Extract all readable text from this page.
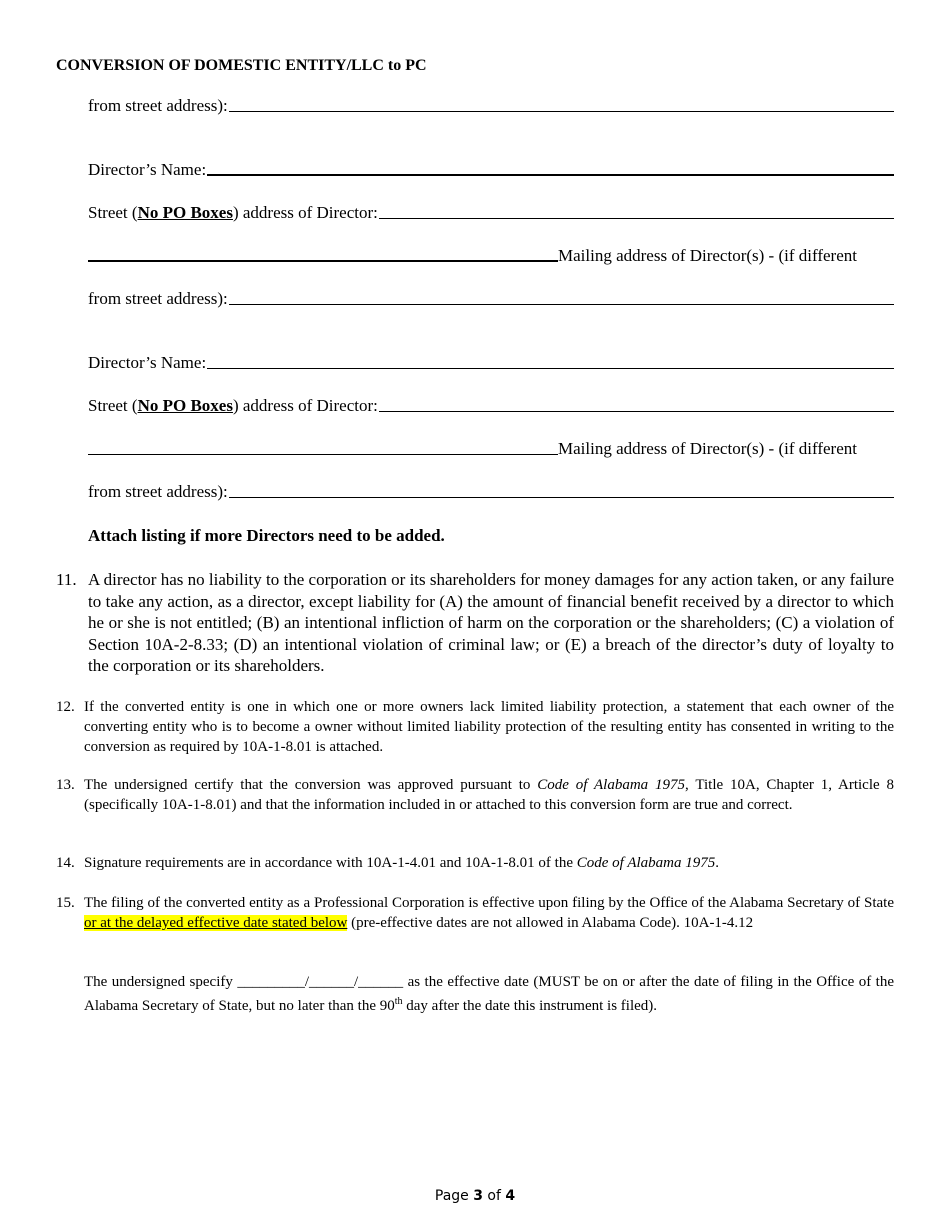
CONVERSION OF DOMESTIC ENTITY/LLC to PC
from street address):
Director’s Name:
Street ( No PO Boxes ) address of Director:
Mailing address of Director(s) - (if different
from street address):
Director’s Name:
Street ( No PO Boxes ) address of Director:
Mailing address of Director(s) - (if different
from street address):
Attach listing if more Directors need to be added.
11. A director has no liability to the corporation or its shareholders for money damages for any action taken, or any failure to take any action, as a director, except liability for (A) the amount of financial benefit received by a director to which he or she is not entitled; (B) an intentional infliction of harm on the corporation or the shareholders; (C) a violation of Section 10A-2-8.33; (D) an intentional violation of criminal law; or (E) a breach of the director’s duty of loyalty to the corporation or its shareholders.
12. If the converted entity is one in which one or more owners lack limited liability protection, a statement that each owner of the converting entity who is to become a owner without limited liability protection of the resulting entity has consented in writing to the conversion as required by 10A-1-8.01 is attached.
13. The undersigned certify that the conversion was approved pursuant to Code of Alabama 1975, Title 10A, Chapter 1, Article 8 (specifically 10A-1-8.01) and that the information included in or attached to this conversion form are true and correct.
14. Signature requirements are in accordance with 10A-1-4.01 and 10A-1-8.01 of the Code of Alabama 1975.
15. The filing of the converted entity as a Professional Corporation is effective upon filing by the Office of the Alabama Secretary of State or at the delayed effective date stated below (pre-effective dates are not allowed in Alabama Code). 10A-1-4.12
The undersigned specify _________/______/______ as the effective date (MUST be on or after the date of filing in the Office of the Alabama Secretary of State, but no later than the 90th day after the date this instrument is filed).
Page 3 of 4
